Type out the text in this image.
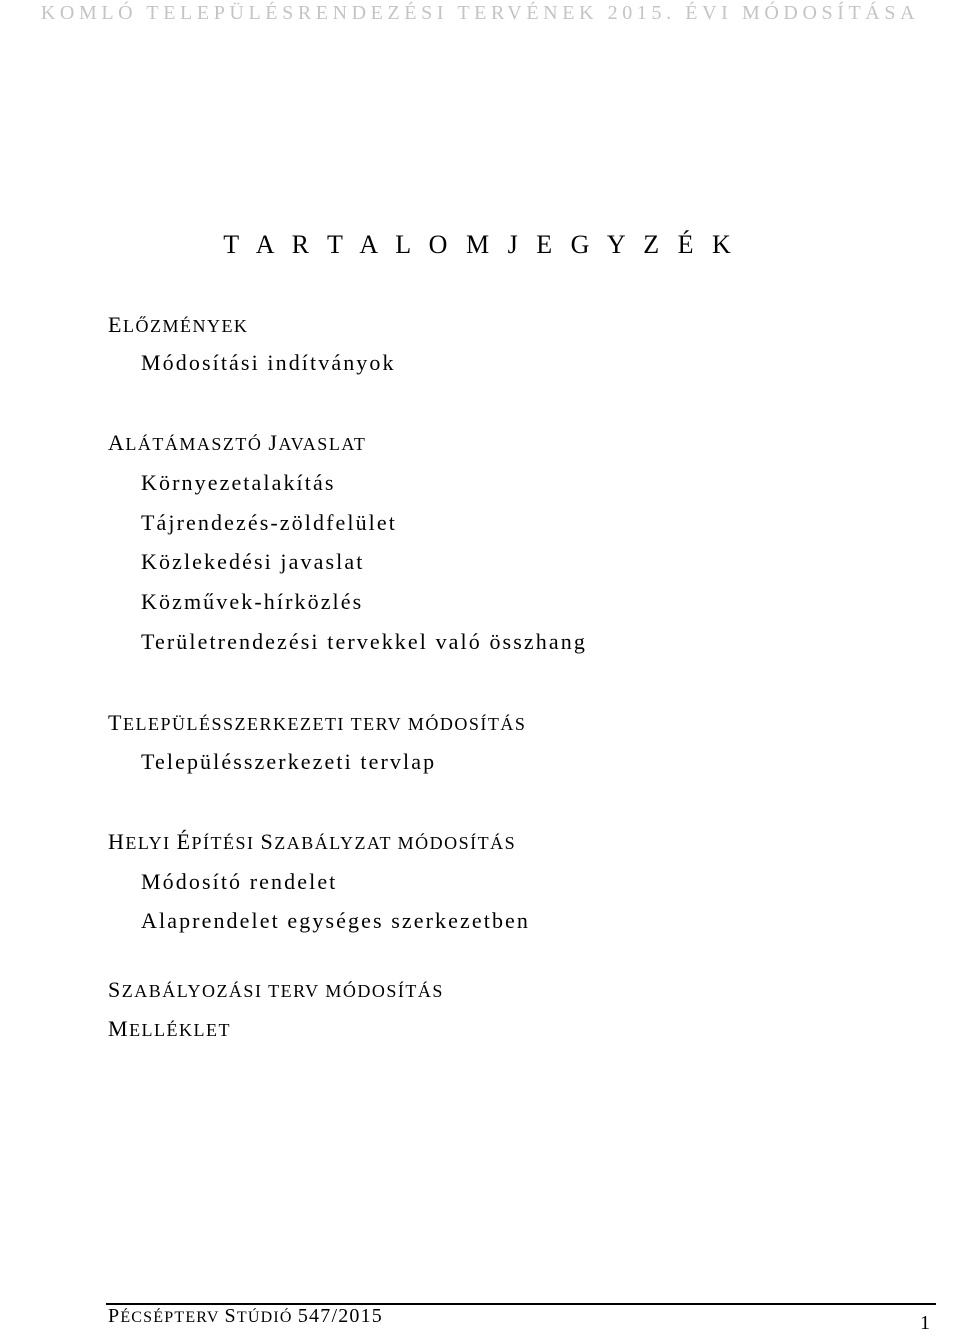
KOMLÓ TELEPÜLÉSRENDEZÉSI TERVÉNEK 2015. ÉVI MÓDOSÍTÁSA
T A R T A L O M J E G Y Z É K
ELŐZMÉNYEK
Módosítási indítványok
ALÁTÁMASZTÓ JAVASLAT
Környezetalakítás
Tájrendezés-zöldfelület
Közlekedési javaslat
Közművek-hírközlés
Területrendezési tervekkel való összhang
TELEPÜLÉSSZERKEZETI TERV MÓDOSÍTÁS
Településszerkezeti tervlap
HELYI ÉPÍTÉSI SZABÁLYZAT MÓDOSÍTÁS
Módosító rendelet
Alaprendelet egységes szerkezetben
SZABÁLYOZÁSI TERV MÓDOSÍTÁS
MELLÉKLET
PÉCSÉPTERV STÚDIÓ 547/2015	1
